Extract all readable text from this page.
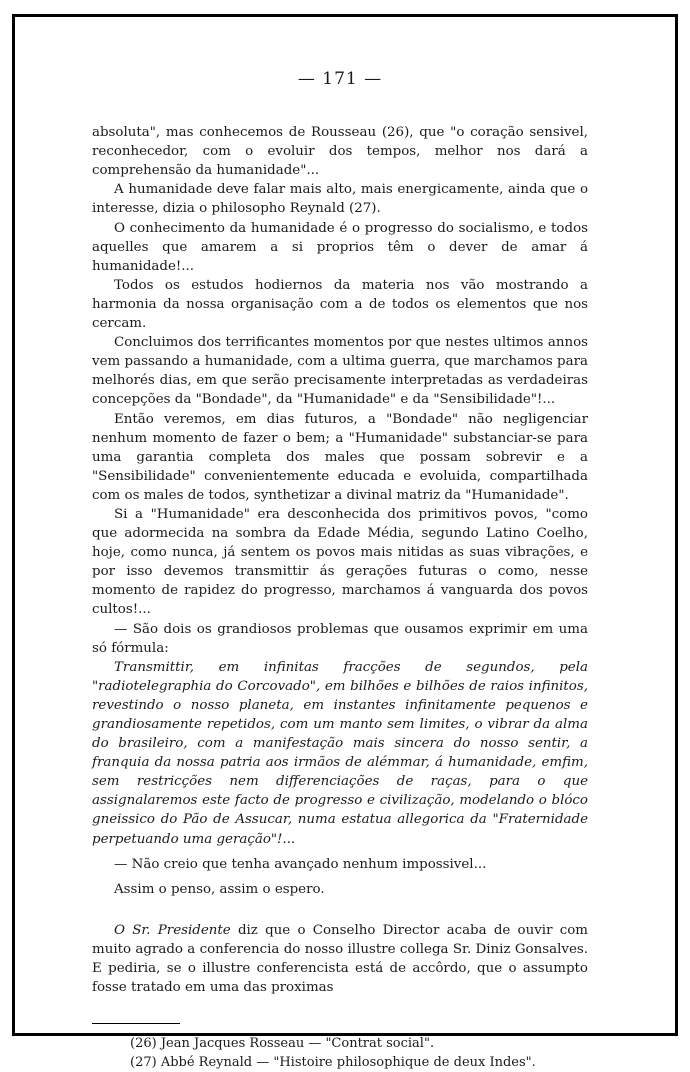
— 171 —

absoluta", mas conhecemos de Rousseau (26), que "o coração sensivel, reconhecedor, com o evoluir dos tempos, melhor nos dará a comprehensão da humanidade"...

A humanidade deve falar mais alto, mais energicamente, ainda que o interesse, dizia o philosopho Reynald (27).

O conhecimento da humanidade é o progresso do socialismo, e todos aquelles que amarem a si proprios têm o dever de amar á humanidade!...

Todos os estudos hodiernos da materia nos vão mostrando a harmonia da nossa organisação com a de todos os elementos que nos cercam.

Concluimos dos terrificantes momentos por que nestes ultimos annos vem passando a humanidade, com a ultima guerra, que marchamos para melhorés dias, em que serão precisamente interpretadas as verdadeiras concepções da "Bondade", da "Humanidade" e da "Sensibilidade"!...

Então veremos, em dias futuros, a "Bondade" não negligenciar nenhum momento de fazer o bem; a "Humanidade" substanciar-se para uma garantia completa dos males que possam sobrevir e a "Sensibilidade" convenientemente educada e evoluida, compartilhada com os males de todos, synthetizar a divinal matriz da "Humanidade".

Si a "Humanidade" era desconhecida dos primitivos povos, "como que adormecida na sombra da Edade Média, segundo Latino Coelho, hoje, como nunca, já sentem os povos mais nitidas as suas vibrações, e por isso devemos transmittir ás gerações futuras o como, nesse momento de rapidez do progresso, marchamos á vanguarda dos povos cultos!...

— São dois os grandiosos problemas que ousamos exprimir em uma só fórmula:

Transmittir, em infinitas fracções de segundos, pela "radiotelegraphia do Corcovado", em bilhões e bilhões de raios infinitos, revestindo o nosso planeta, em instantes infinitamente pequenos e grandiosamente repetidos, com um manto sem limites, o vibrar da alma do brasileiro, com a manifestação mais sincera do nosso sentir, a franquia da nossa patria aos irmãos de alémmar, á humanidade, emfim, sem restricções nem differenciações de raças, para o que assignalaremos este facto de progresso e civilização, modelando o blóco gneissico do Pão de Assucar, numa estatua allegorica da "Fraternidade perpetuando uma geração"!...

— Não creio que tenha avançado nenhum impossivel...

Assim o penso, assim o espero.

O Sr. Presidente diz que o Conselho Director acaba de ouvir com muito agrado a conferencia do nosso illustre collega Sr. Diniz Gonsalves. E pediria, se o illustre conferencista está de accôrdo, que o assumpto fosse tratado em uma das proximas

(26) Jean Jacques Rosseau — "Contrat social".

(27) Abbé Reynald — "Histoire philosophique de deux Indes".
